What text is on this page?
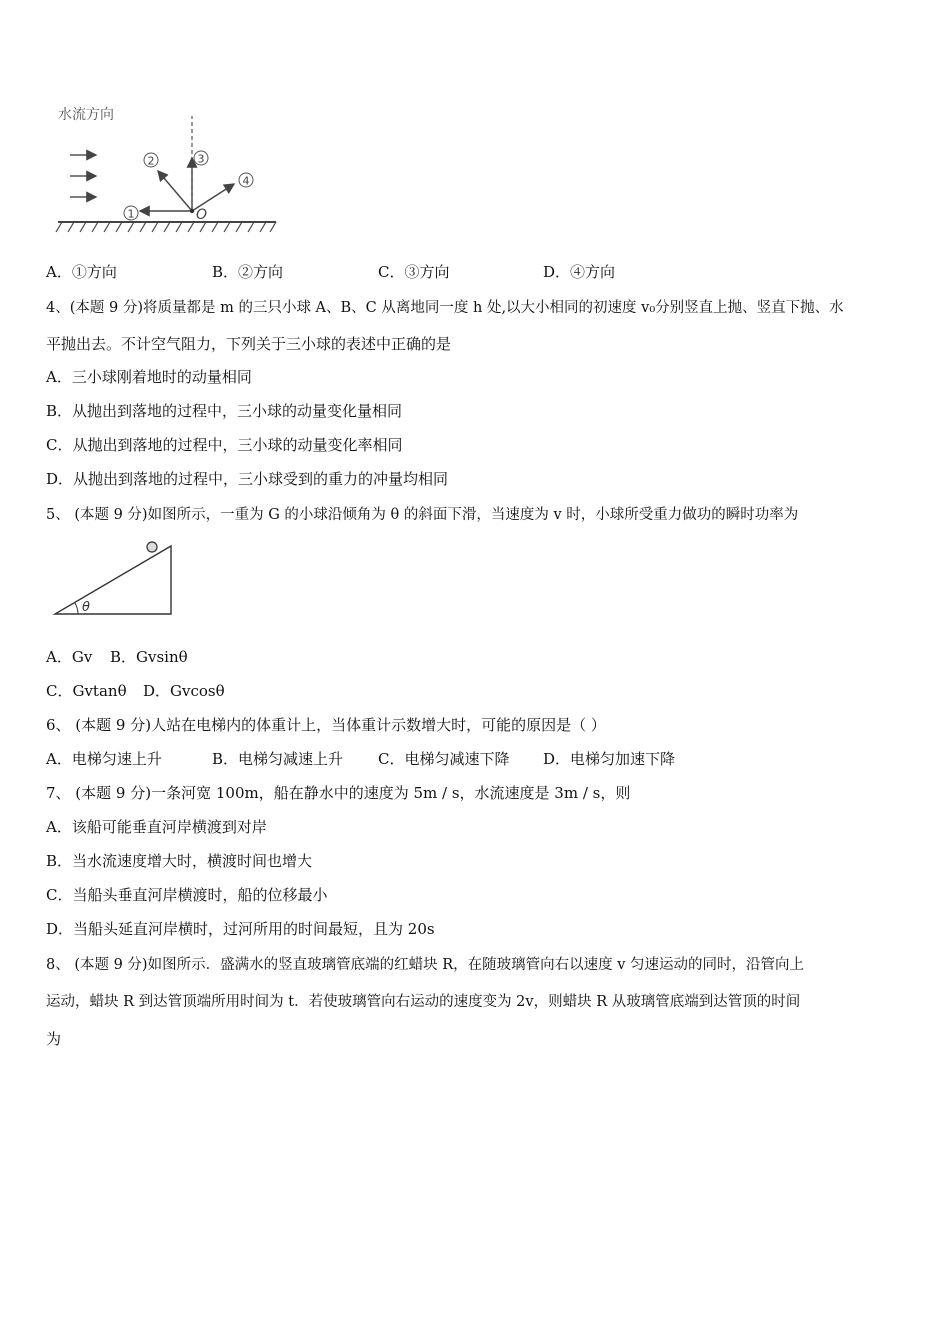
水流方向
1
2	3
4
O
A．①方向	B．②方向	C．③方向	D．④方向
4、(本题 9 分)将质量都是 m 的三只小球 A、B、C 从离地同一度 h 处,以大小相同的初速度 v₀分别竖直上抛、竖直下抛、水
平抛出去。不计空气阻力，下列关于三小球的表述中正确的是
A．三小球刚着地时的动量相同
B．从抛出到落地的过程中，三小球的动量变化量相同
C．从抛出到落地的过程中，三小球的动量变化率相同
D．从抛出到落地的过程中，三小球受到的重力的冲量均相同
5、 (本题 9 分)如图所示，一重为 G 的小球沿倾角为 θ 的斜面下滑，当速度为 v 时，小球所受重力做功的瞬时功率为
θ
A．Gv B．Gvsinθ
C．Gvtanθ D．Gvcosθ
6、 (本题 9 分)人站在电梯内的体重计上，当体重计示数增大时，可能的原因是（ ）
A．电梯匀速上升	B．电梯匀减速上升 C．电梯匀减速下降 D．电梯匀加速下降
7、 (本题 9 分)一条河宽 100m，船在静水中的速度为 5m / s，水流速度是 3m / s，则
A．该船可能垂直河岸横渡到对岸
B．当水流速度增大时，横渡时间也增大
C．当船头垂直河岸横渡时，船的位移最小
D．当船头延直河岸横时，过河所用的时间最短，且为 20s
8、 (本题 9 分)如图所示．盛满水的竖直玻璃管底端的红蜡块 R，在随玻璃管向右以速度 v 匀速运动的同时，沿管向上
运动，蜡块 R 到达管顶端所用时间为 t．若使玻璃管向右运动的速度变为 2v，则蜡块 R 从玻璃管底端到达管顶的时间
为
